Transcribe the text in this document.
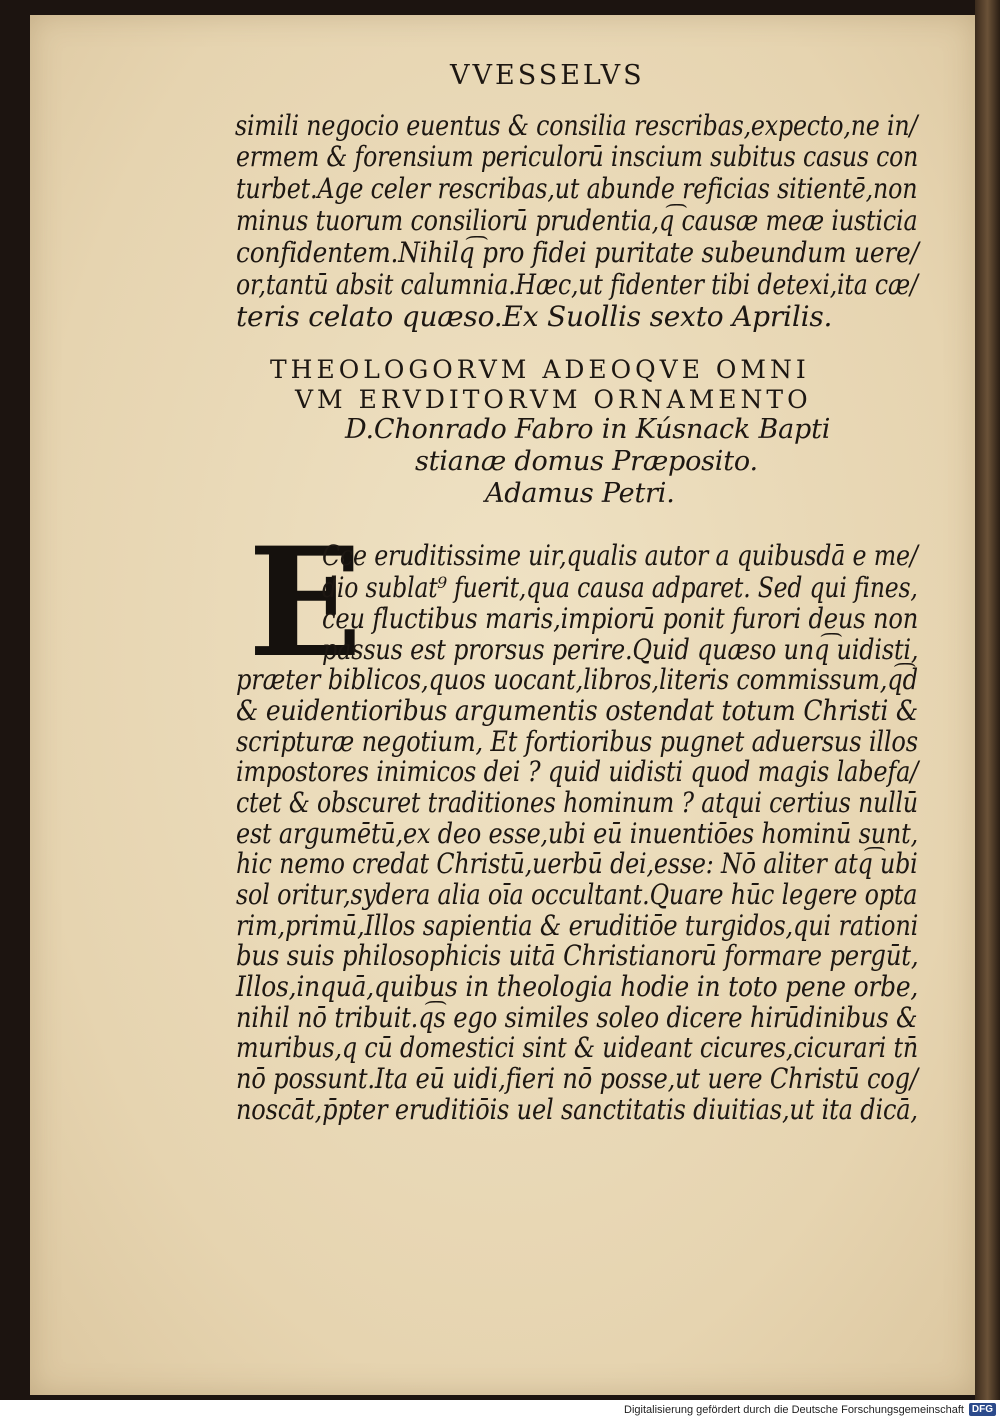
VVESSELVS
simili negocio euentus & consilia rescribas,expecto,ne in/
ermem & forensium periculorū inscium subitus casus con
turbet.Age celer rescribas,ut abunde reficias sitientē,non
minus tuorum consiliorū prudentia,q͡ causæ meæ iusticia
confidentem.Nihilq͡ pro fidei puritate subeundum uere/
or,tantū absit calumnia.Hæc,ut fidenter tibi detexi,ita cæ/
teris celato quæso.Ex Suollis sexto Aprilis.
THEOLOGORVM ADEOQVE OMNI
VM ERVDITORVM ORNAMENTO
D.Chonrado Fabro in Kúsnack Bapti
stianæ domus Præposito.
Adamus Petri.
E
Cce eruditissime uir,qualis autor a quibusdā e me/
dio sublat⁹ fuerit,qua causa adparet. Sed qui fines,
ceu fluctibus maris,impiorū ponit furori deus non
passus est prorsus perire.Quid quæso unq͡ uidisti,
præter biblicos,quos uocant,libros,literis commissum,q͡d
& euidentioribus argumentis ostendat totum Christi &
scripturæ negotium, Et fortioribus pugnet aduersus illos
impostores inimicos dei ? quid uidisti quod magis labefa/
ctet & obscuret traditiones hominum ? atqui certius nullū
est argumētū,ex deo esse,ubi eū inuentiōes hominū sunt,
hic nemo credat Christū,uerbū dei,esse: Nō aliter atq͡ ubi
sol oritur,sydera alia oīa occultant.Quare hūc legere opta
rim,primū,Illos sapientia & eruditiōe turgidos,qui rationi
bus suis philosophicis uitā Christianorū formare pergūt,
Illos,inquā,quibus in theologia hodie in toto pene orbe,
nihil nō tribuit.q͡s ego similes soleo dicere hirūdinibus &
muribus,q cū domestici sint & uideant cicures,cicurari tn̄
nō possunt.Ita eū uidi,fieri nō posse,ut uere Christū cog/
noscāt,p̄pter eruditiōis uel sanctitatis diuitias,ut ita dicā,
Digitalisierung gefördert durch die Deutsche Forschungsgemeinschaft DFG
